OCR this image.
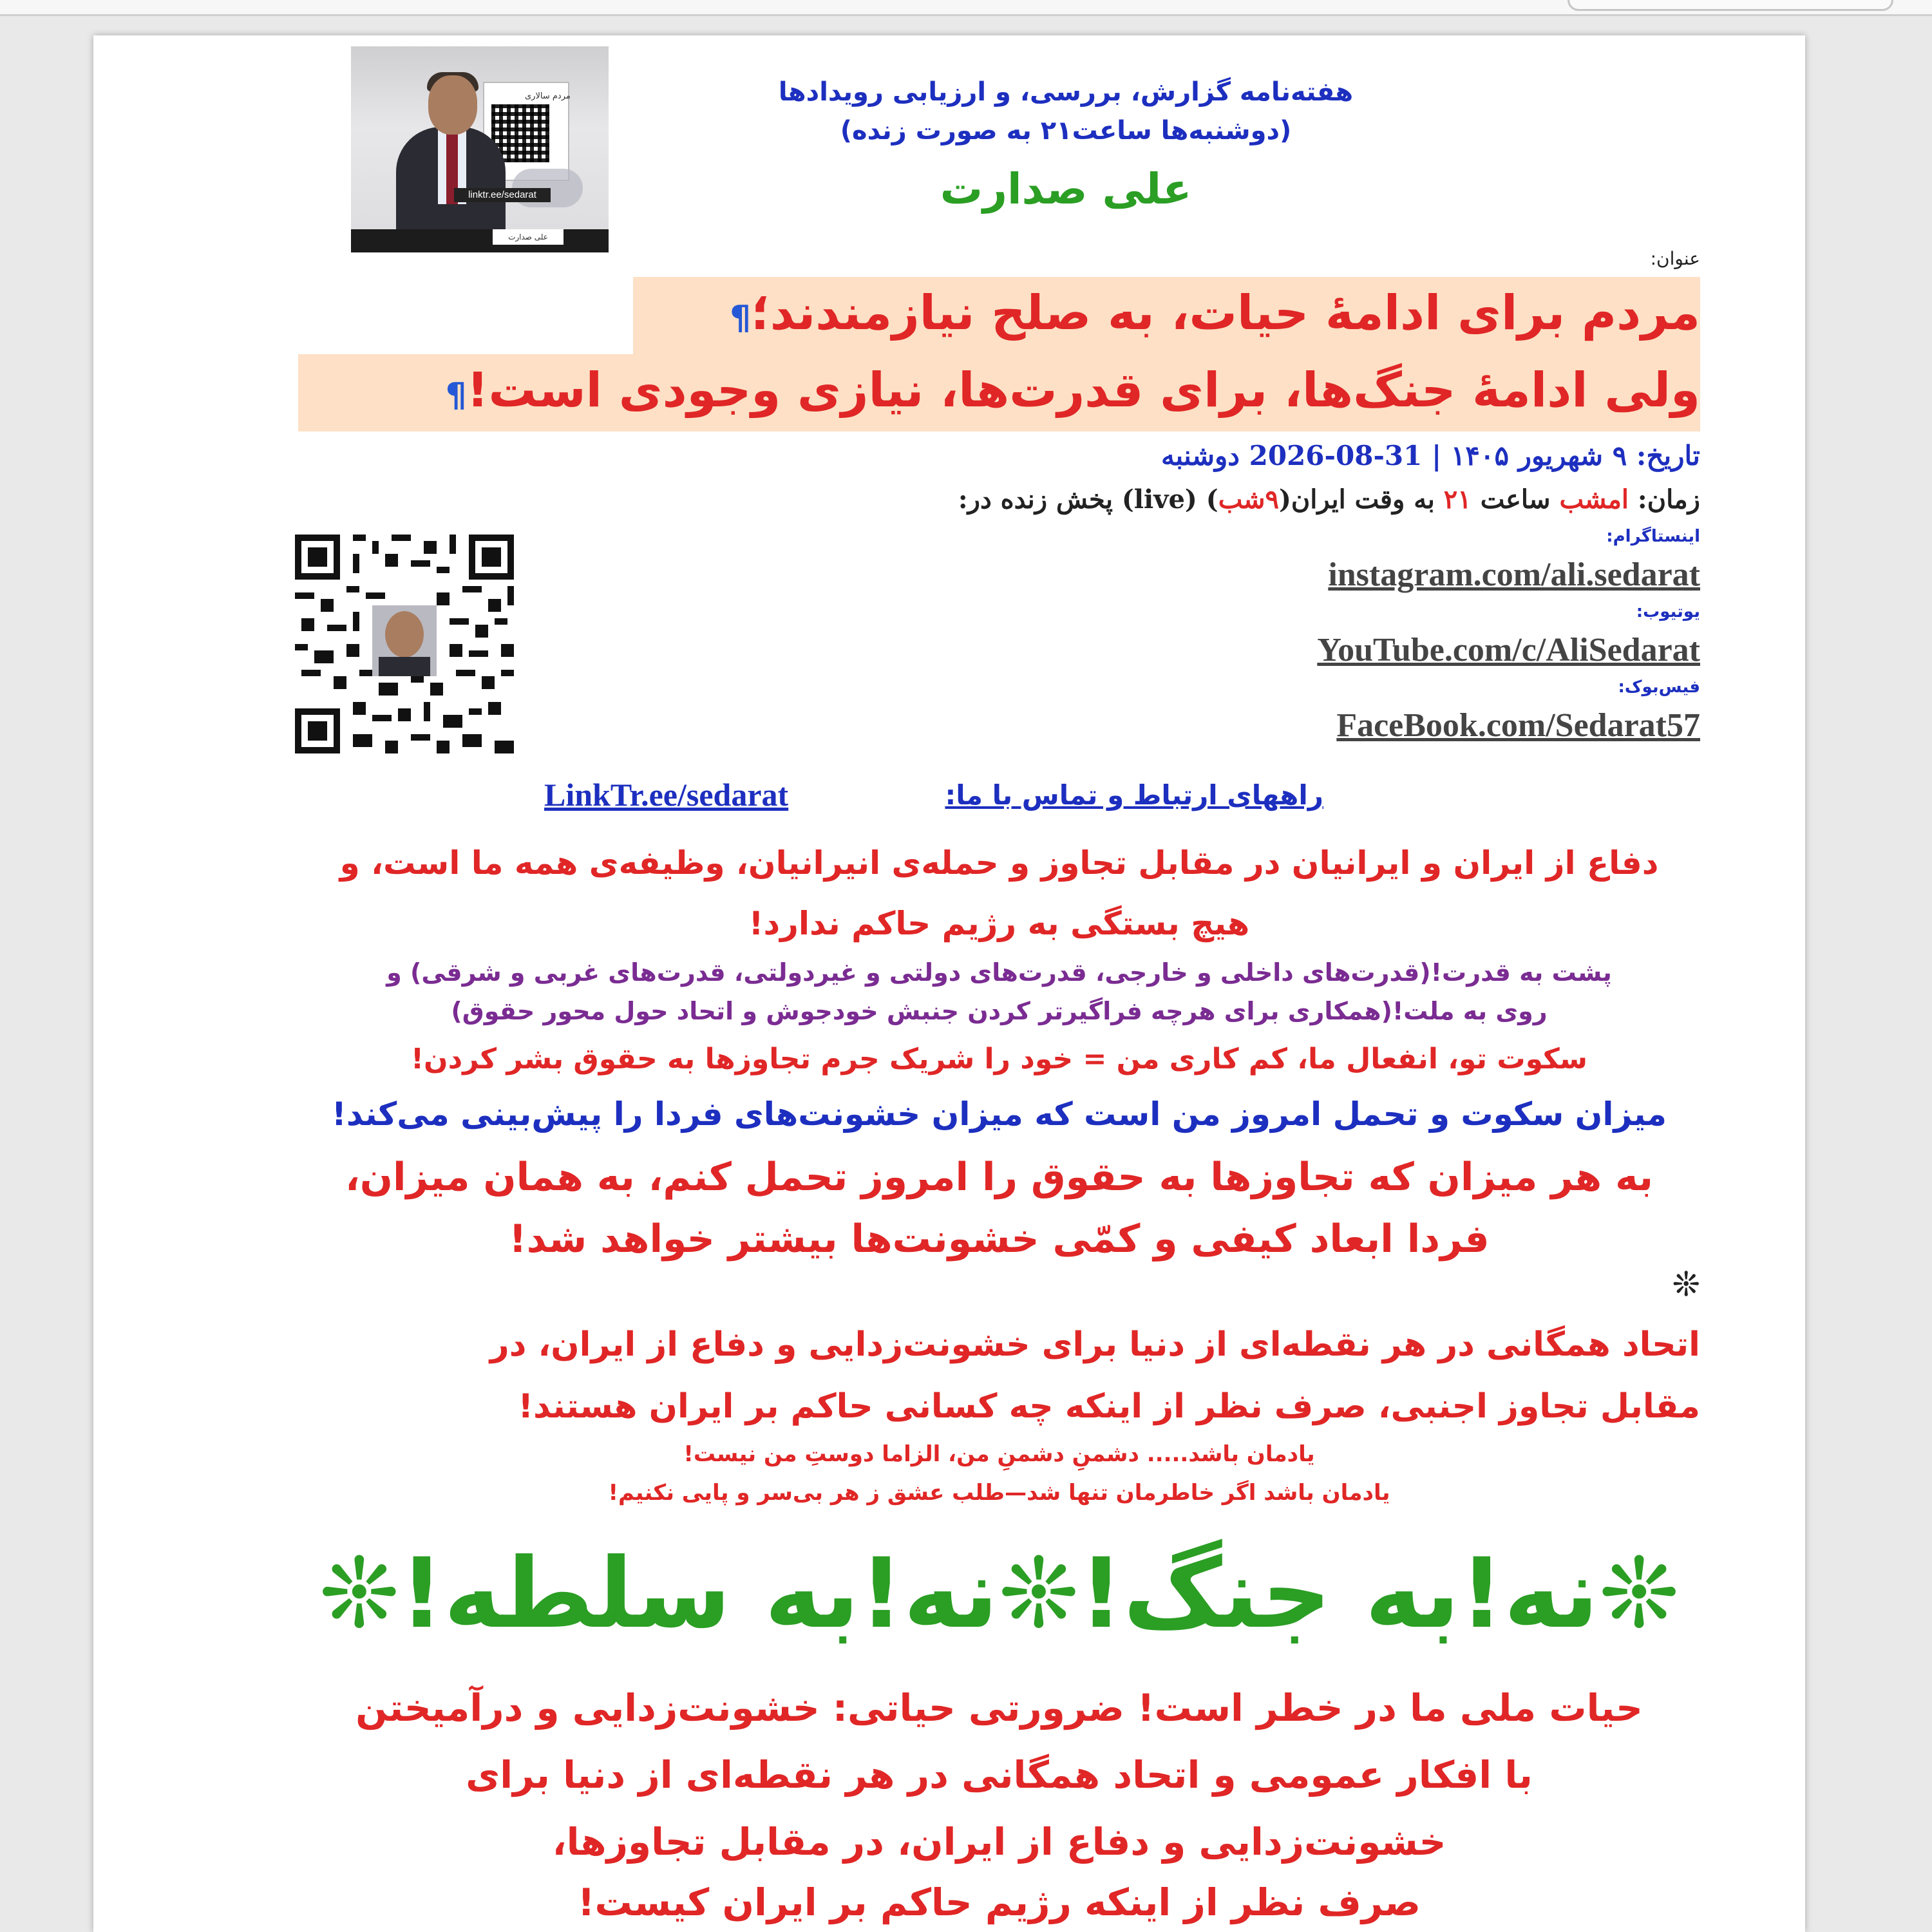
مردم سالاری
linktr.ee/sedarat
علی صدارت
هفته‌نامه گزارش، بررسی، و ارزیابی رویدادها
(دوشنبه‌ها ساعت۲۱ به صورت زنده)
علی صدارت
عنوان:
مردم برای ادامهٔ حیات، به صلح نیازمندند؛¶
ولی ادامهٔ جنگ‌ها، برای قدرت‌ها، نیازی وجودی است!¶
تاریخ: ۹ شهریور ۱۴۰۵ | 31-08-2026 دوشنبه
زمان: امشب ساعت ۲۱ به وقت ایران(۹شب) (live) پخش زنده در:
اینستاگرام:
instagram.com/ali.sedarat
یوتیوب:
YouTube.com/c/AliSedarat
فیس‌بوک:
FaceBook.com/Sedarat57
راههای ارتباط و تماس با ما:
LinkTr.ee/sedarat
دفاع از ایران و ایرانیان در مقابل تجاوز و حمله‌ی انیرانیان، وظیفه‌ی همه ما است، و هیچ بستگی به رژیم حاکم ندارد!
پشت به قدرت!(قدرت‌های داخلی و خارجی، قدرت‌های دولتی و غیردولتی، قدرت‌های غربی و شرقی) و
روی به ملت!(همکاری برای هرچه فراگیرتر کردن جنبش خودجوش و اتحاد حول محور حقوق)
سکوت تو، انفعال ما، کم کاری من = خود را شریک جرم تجاوزها به حقوق بشر کردن!
میزان سکوت و تحمل امروز من است که میزان خشونت‌های فردا را پیش‌بینی می‌کند!
به هر میزان که تجاوزها به حقوق را امروز تحمل کنم، به همان میزان،
فردا ابعاد کیفی و کمّی خشونت‌ها بیشتر خواهد شد!
❊
اتحاد همگانی در هر نقطه‌ای از دنیا برای خشونت‌زدایی و دفاع از ایران، در
مقابل تجاوز اجنبی، صرف نظر از اینکه چه کسانی حاکم بر ایران هستند!
یادمان باشد..... دشمنِ دشمنِ من، الزاما دوستِ من نیست!
یادمان باشد اگر خاطرمان تنها شد—طلب عشق ز هر بی‌سر و پایی نکنیم!
❊نه!به جنگ!❊نه!به سلطه!❊
حیات ملی ما در خطر است! ضرورتی حیاتی: خشونت‌زدایی و درآمیختن
با افکار عمومی و اتحاد همگانی در هر نقطه‌ای از دنیا برای
خشونت‌زدایی و دفاع از ایران، در مقابل تجاوزها،
صرف نظر از اینکه رژیم حاکم بر ایران کیست!
